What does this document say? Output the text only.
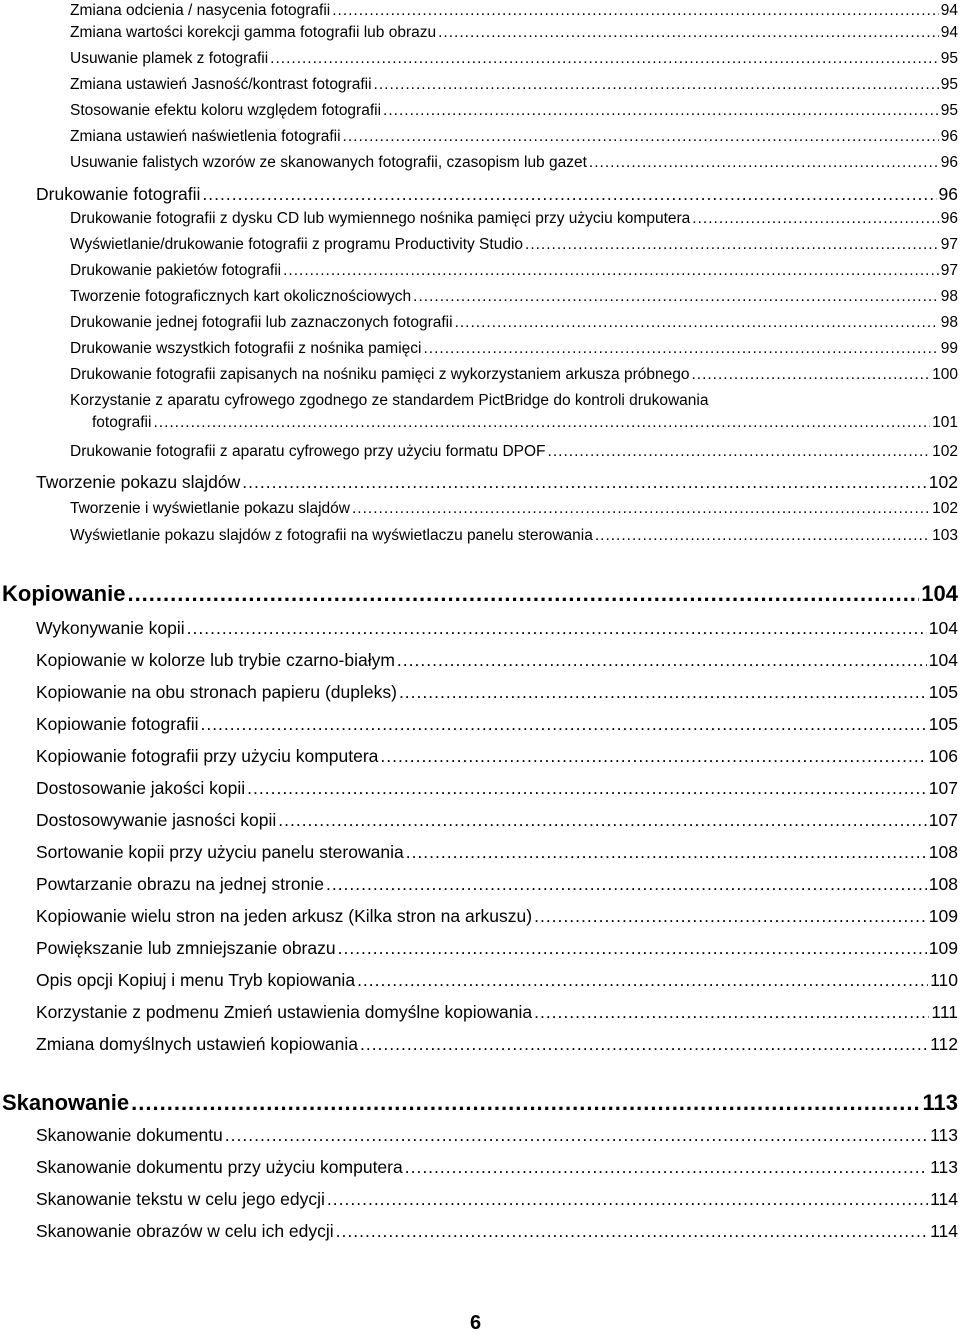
Zmiana odcienia / nasycenia fotografii .....	94
Zmiana wartości korekcji gamma fotografii lub obrazu .....	94
Usuwanie plamek z fotografii .....	95
Zmiana ustawień Jasność/kontrast fotografii .....	95
Stosowanie efektu koloru względem fotografii .....	95
Zmiana ustawień naświetlenia fotografii .....	96
Usuwanie falistych wzorów ze skanowanych fotografii, czasopism lub gazet .....	96
Drukowanie fotografii .....	96
Drukowanie fotografii z dysku CD lub wymiennego nośnika pamięci przy użyciu komputera .....	96
Wyświetlanie/drukowanie fotografii z programu Productivity Studio .....	97
Drukowanie pakietów fotografii .....	97
Tworzenie fotograficznych kart okolicznościowych .....	98
Drukowanie jednej fotografii lub zaznaczonych fotografii .....	98
Drukowanie wszystkich fotografii z nośnika pamięci .....	99
Drukowanie fotografii zapisanych na nośniku pamięci z wykorzystaniem arkusza próbnego .....	100
Korzystanie z aparatu cyfrowego zgodnego ze standardem PictBridge do kontroli drukowania
fotografii .....	101
Drukowanie fotografii z aparatu cyfrowego przy użyciu formatu DPOF .....	102
Tworzenie pokazu slajdów .....	102
Tworzenie i wyświetlanie pokazu slajdów .....	102
Wyświetlanie pokazu slajdów z fotografii na wyświetlaczu panelu sterowania .....	103
Kopiowanie .....	104
Wykonywanie kopii .....	104
Kopiowanie w kolorze lub trybie czarno-białym .....	104
Kopiowanie na obu stronach papieru (dupleks) .....	105
Kopiowanie fotografii .....	105
Kopiowanie fotografii przy użyciu komputera .....	106
Dostosowanie jakości kopii .....	107
Dostosowywanie jasności kopii .....	107
Sortowanie kopii przy użyciu panelu sterowania .....	108
Powtarzanie obrazu na jednej stronie .....	108
Kopiowanie wielu stron na jeden arkusz (Kilka stron na arkuszu) .....	109
Powiększanie lub zmniejszanie obrazu .....	109
Opis opcji Kopiuj i menu Tryb kopiowania .....	110
Korzystanie z podmenu Zmień ustawienia domyślne kopiowania .....	111
Zmiana domyślnych ustawień kopiowania .....	112
Skanowanie .....	113
Skanowanie dokumentu .....	113
Skanowanie dokumentu przy użyciu komputera .....	113
Skanowanie tekstu w celu jego edycji .....	114
Skanowanie obrazów w celu ich edycji .....	114
6
